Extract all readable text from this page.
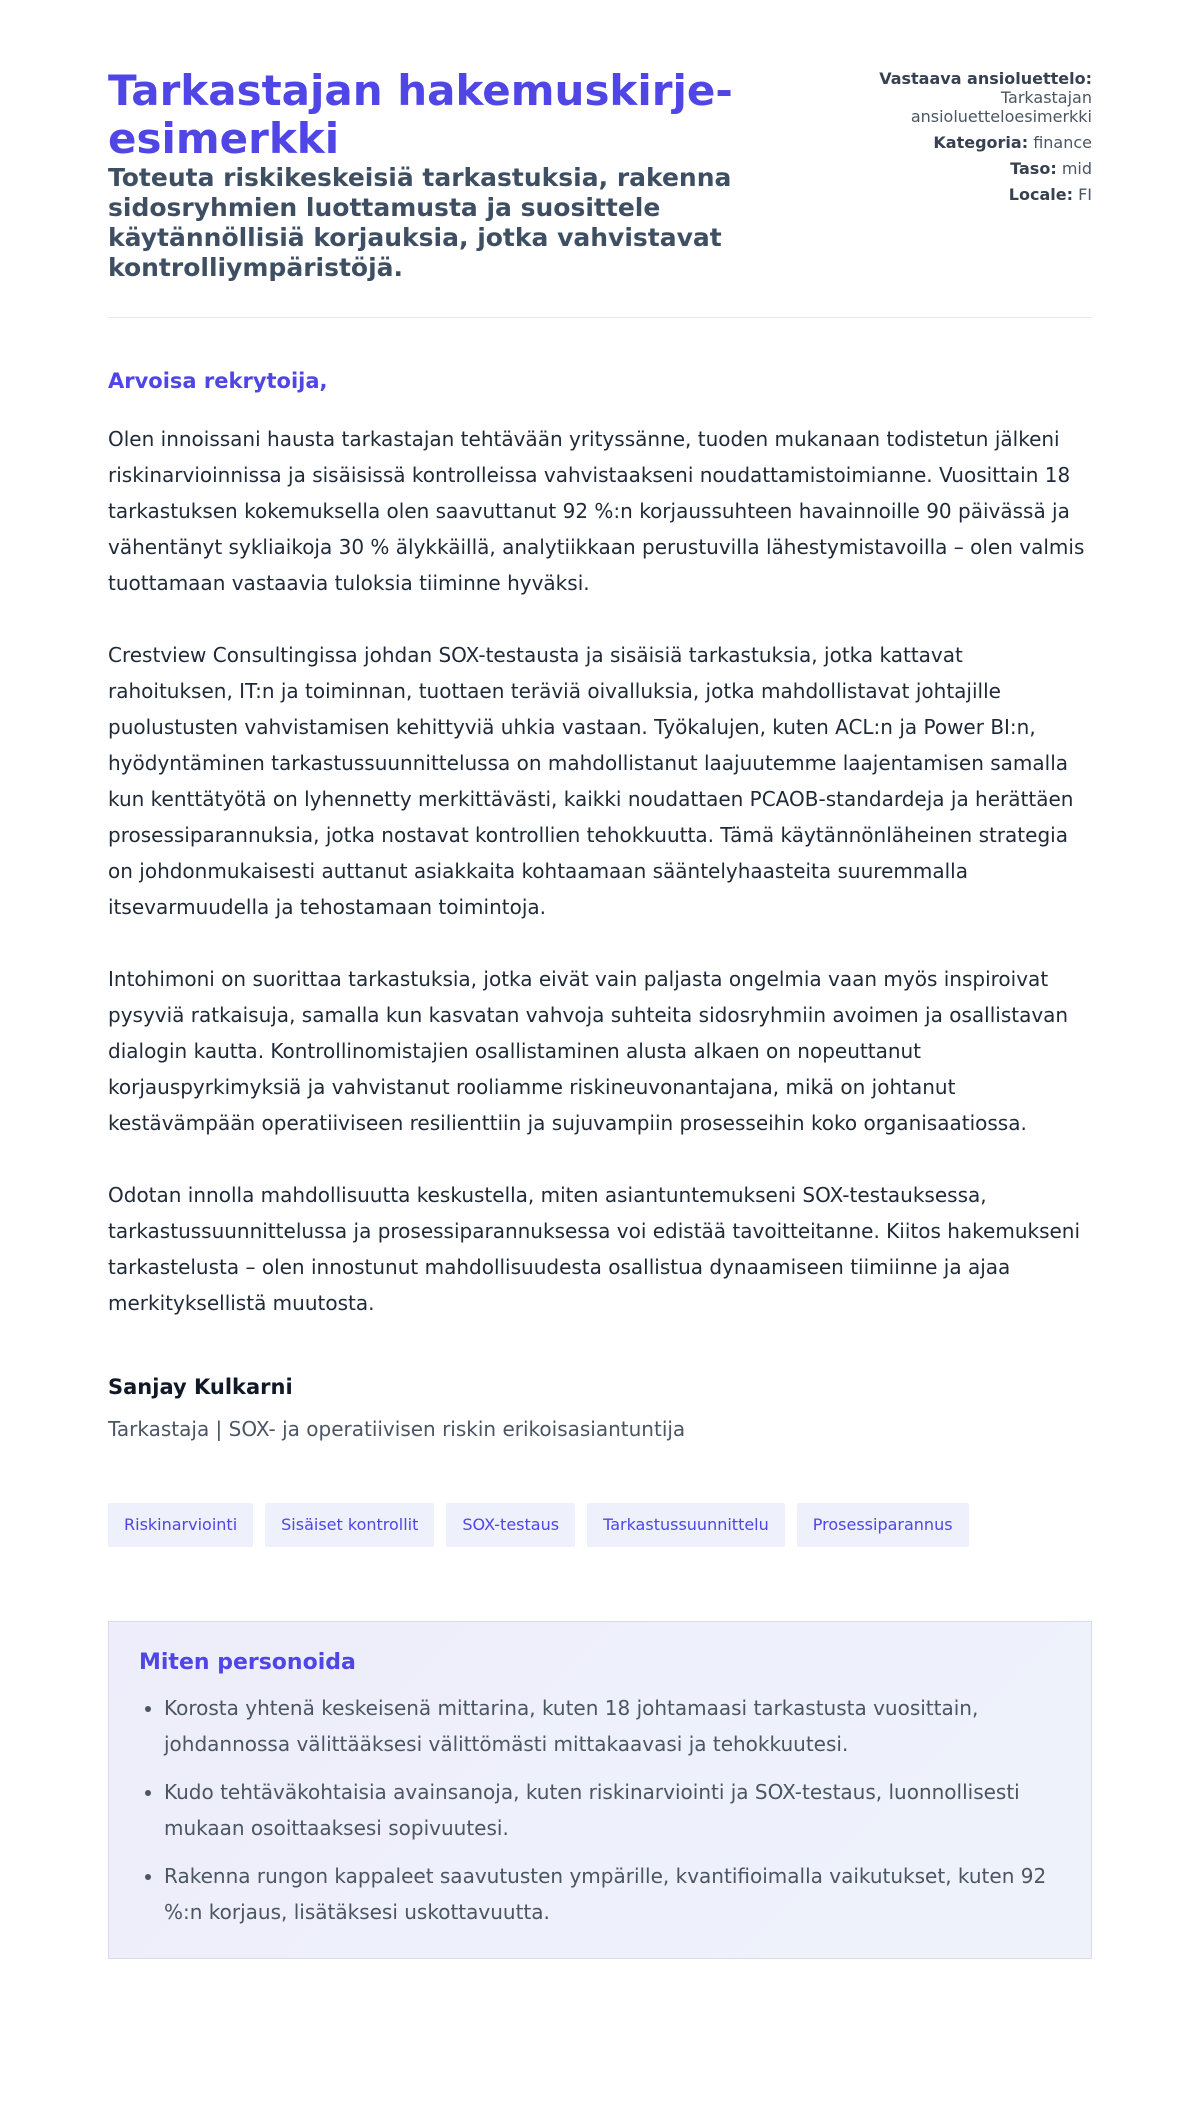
Tarkastajan hakemuskirje-esimerkki

Toteuta riskikeskeisiä tarkastuksia, rakenna sidosryhmien luottamusta ja suosittele käytännöllisiä korjauksia, jotka vahvistavat kontrolliympäristöjä.

Vastaava ansioluettelo: Tarkastajan ansioluetteloesimerkki
Kategoria: finance
Taso: mid
Locale: FI
Arvoisa rekrytoija,

Olen innoissani hausta tarkastajan tehtävään yrityssänne, tuoden mukanaan todistetun jälkeni riskinarvioinnissa ja sisäisissä kontrolleissa vahvistaakseni noudattamistoimianne. Vuosittain 18 tarkastuksen kokemuksella olen saavuttanut 92 %:n korjaussuhteen havainnoille 90 päivässä ja vähentänyt sykliaikoja 30 % älykkäillä, analytiikkaan perustuvilla lähestymistavoilla – olen valmis tuottamaan vastaavia tuloksia tiiminne hyväksi.

Crestview Consultingissa johdan SOX-testausta ja sisäisiä tarkastuksia, jotka kattavat rahoituksen, IT:n ja toiminnan, tuottaen teräviä oivalluksia, jotka mahdollistavat johtajille puolustusten vahvistamisen kehittyviä uhkia vastaan. Työkalujen, kuten ACL:n ja Power BI:n, hyödyntäminen tarkastussuunnittelussa on mahdollistanut laajuutemme laajentamisen samalla kun kenttätyötä on lyhennetty merkittävästi, kaikki noudattaen PCAOB-standardeja ja herättäen prosessiparannuksia, jotka nostavat kontrollien tehokkuutta. Tämä käytännönläheinen strategia on johdonmukaisesti auttanut asiakkaita kohtaamaan sääntelyhaasteita suuremmalla itsevarmuudella ja tehostamaan toimintoja.

Intohimoni on suorittaa tarkastuksia, jotka eivät vain paljasta ongelmia vaan myös inspiroivat pysyviä ratkaisuja, samalla kun kasvatan vahvoja suhteita sidosryhmiin avoimen ja osallistavan dialogin kautta. Kontrollinomistajien osallistaminen alusta alkaen on nopeuttanut korjauspyrkimyksiä ja vahvistanut rooliamme riskineuvonantajana, mikä on johtanut kestävämpään operatiiviseen resilienttiin ja sujuvampiin prosesseihin koko organisaatiossa.

Odotan innolla mahdollisuutta keskustella, miten asiantuntemukseni SOX-testauksessa, tarkastussuunnittelussa ja prosessiparannuksessa voi edistää tavoitteitanne. Kiitos hakemukseni tarkastelusta – olen innostunut mahdollisuudesta osallistua dynaamiseen tiimiinne ja ajaa merkityksellistä muutosta.

Sanjay Kulkarni
Tarkastaja | SOX- ja operatiivisen riskin erikoisasiantuntija
Riskinarviointi	Sisäiset kontrollit	SOX-testaus	Tarkastussuunnittelu	Prosessiparannus
Miten personoida
• Korosta yhtenä keskeisenä mittarina, kuten 18 johtamaasi tarkastusta vuosittain, johdannossa välittääksesi välittömästi mittakaavasi ja tehokkuutesi.
• Kudo tehtäväkohtaisia avainsanoja, kuten riskinarviointi ja SOX-testaus, luonnollisesti mukaan osoittaaksesi sopivuutesi.
• Rakenna rungon kappaleet saavutusten ympärille, kvantifioimalla vaikutukset, kuten 92 %:n korjaus, lisätäksesi uskottavuutta.
